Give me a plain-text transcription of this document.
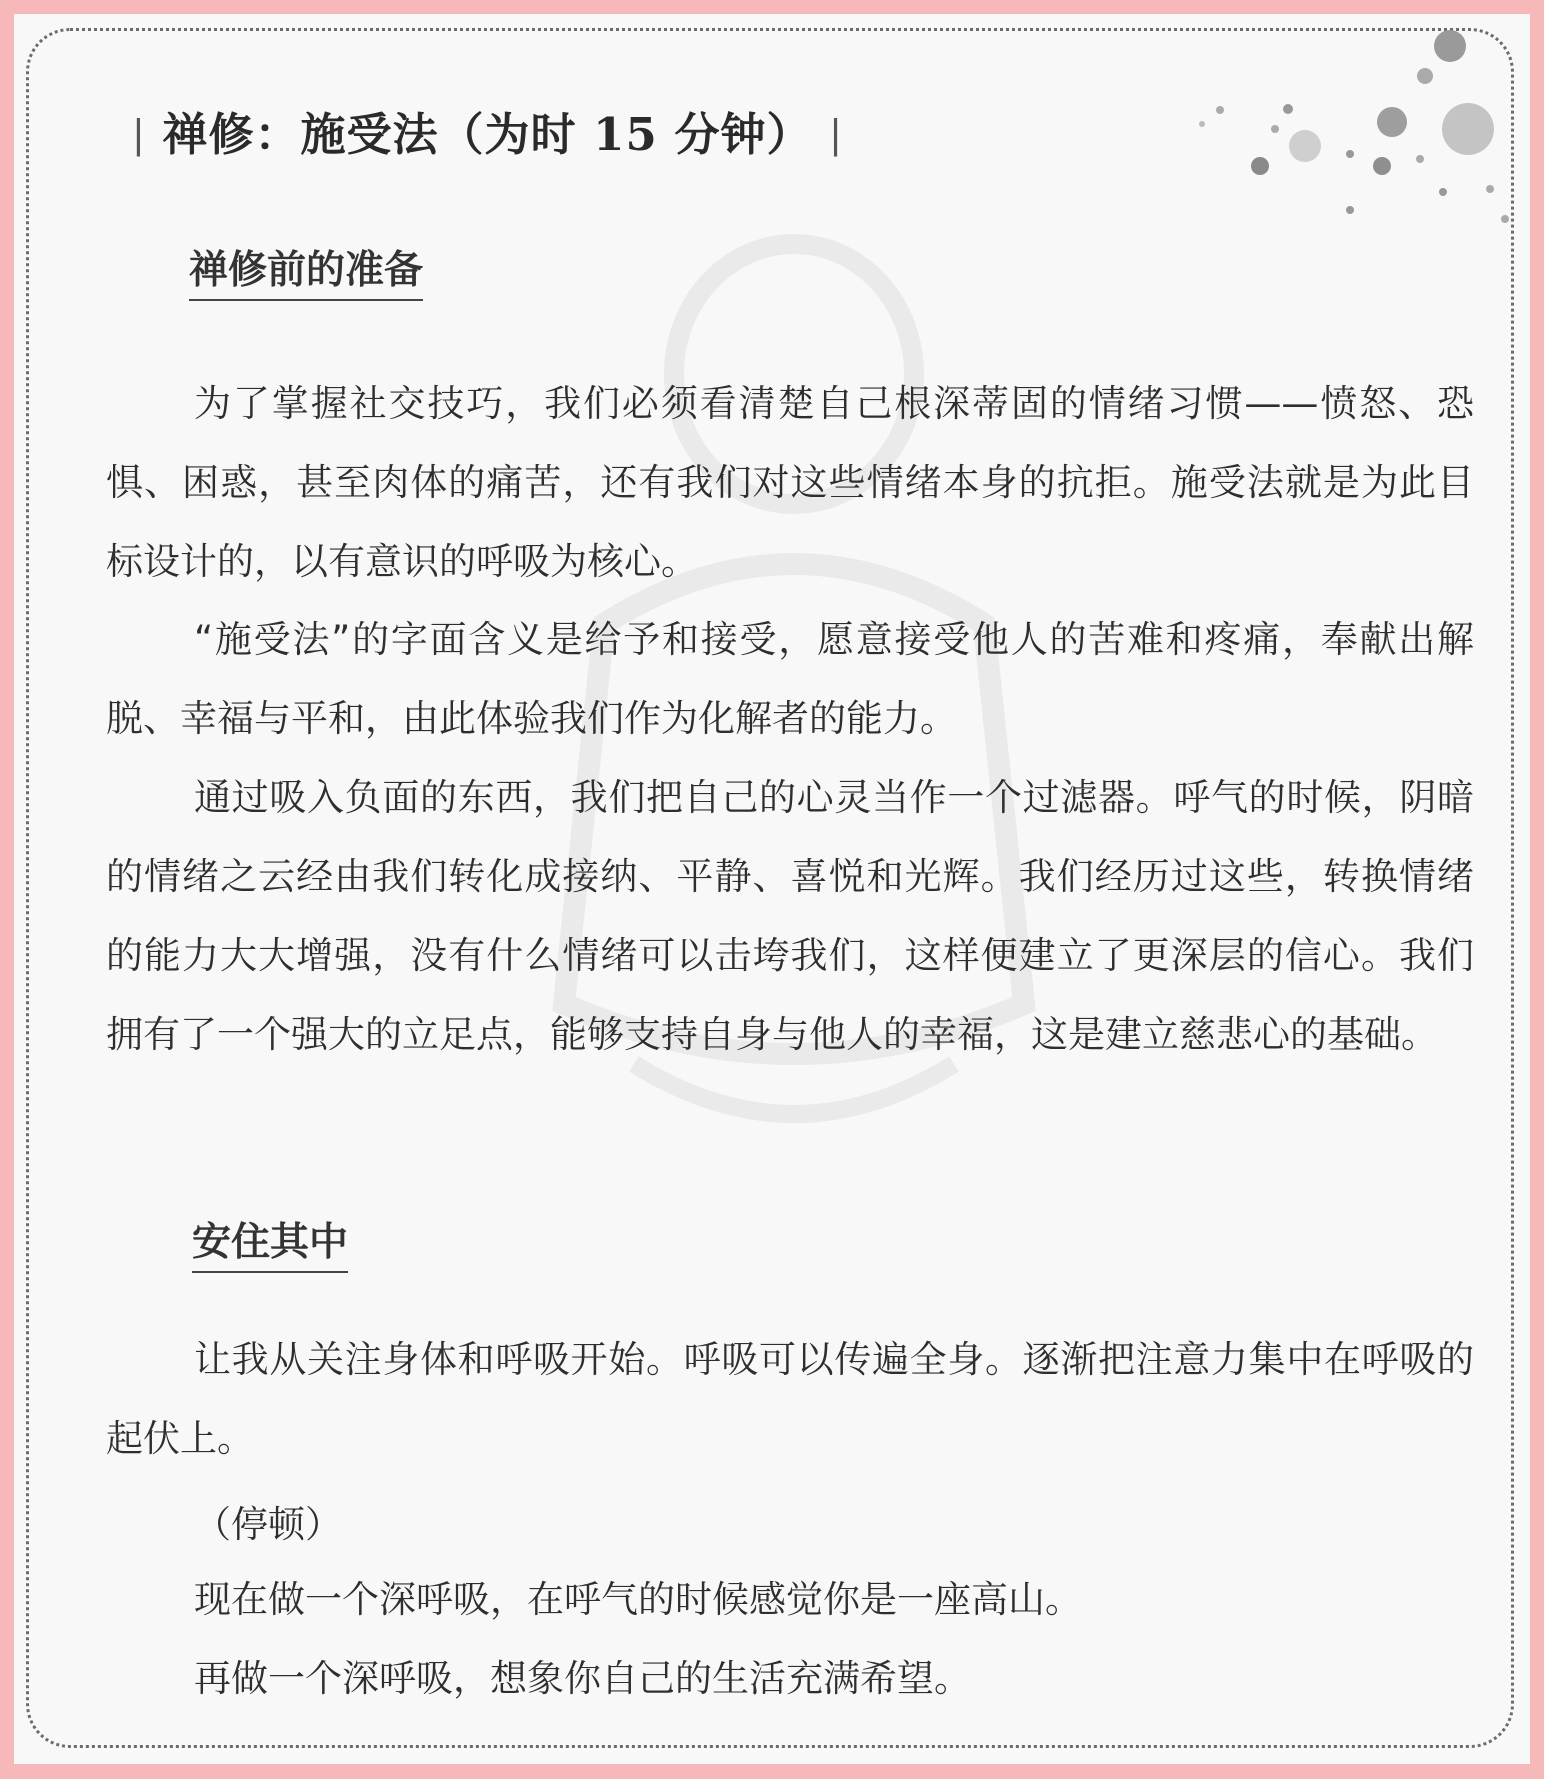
| 禅修：施受法（为时 15 分钟） |
禅修前的准备

为了掌握社交技巧，我们必须看清楚自己根深蒂固的情绪习惯——愤怒、恐惧、困惑，甚至肉体的痛苦，还有我们对这些情绪本身的抗拒。施受法就是为此目标设计的，以有意识的呼吸为核心。

“施受法”的字面含义是给予和接受，愿意接受他人的苦难和疼痛，奉献出解脱、幸福与平和，由此体验我们作为化解者的能力。

通过吸入负面的东西，我们把自己的心灵当作一个过滤器。呼气的时候，阴暗的情绪之云经由我们转化成接纳、平静、喜悦和光辉。我们经历过这些，转换情绪的能力大大增强，没有什么情绪可以击垮我们，这样便建立了更深层的信心。我们拥有了一个强大的立足点，能够支持自身与他人的幸福，这是建立慈悲心的基础。

安住其中

让我从关注身体和呼吸开始。呼吸可以传遍全身。逐渐把注意力集中在呼吸的起伏上。

（停顿）

现在做一个深呼吸，在呼气的时候感觉你是一座高山。

再做一个深呼吸，想象你自己的生活充满希望。
